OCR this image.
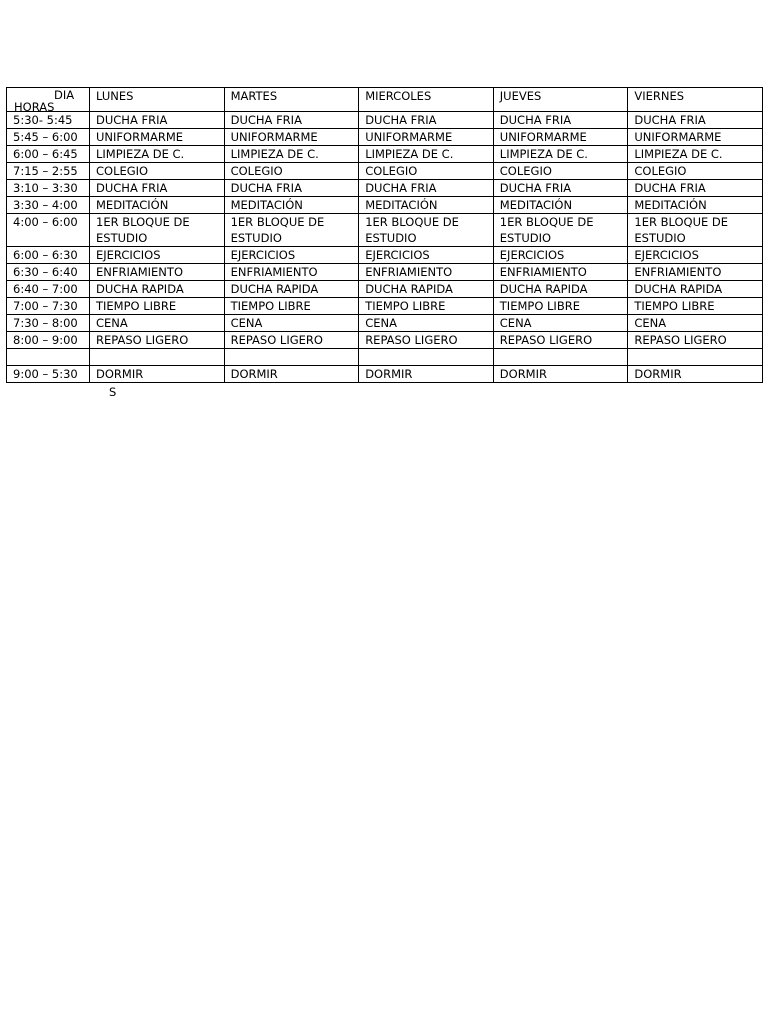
DIA
HORAS	LUNES	MARTES	MIERCOLES	JUEVES	VIERNES
5:30- 5:45	DUCHA FRIA	DUCHA FRIA	DUCHA FRIA	DUCHA FRIA	DUCHA FRIA
5:45 – 6:00	UNIFORMARME	UNIFORMARME	UNIFORMARME	UNIFORMARME	UNIFORMARME
6:00 – 6:45	LIMPIEZA DE C.	LIMPIEZA DE C.	LIMPIEZA DE C.	LIMPIEZA DE C.	LIMPIEZA DE C.
7:15 – 2:55	COLEGIO	COLEGIO	COLEGIO	COLEGIO	COLEGIO
3:10 – 3:30	DUCHA FRIA	DUCHA FRIA	DUCHA FRIA	DUCHA FRIA	DUCHA FRIA
3:30 – 4:00	MEDITACIÓN	MEDITACIÓN	MEDITACIÓN	MEDITACIÓN	MEDITACIÓN
4:00 – 6:00	1ER BLOQUE DE ESTUDIO	1ER BLOQUE DE ESTUDIO	1ER BLOQUE DE ESTUDIO	1ER BLOQUE DE ESTUDIO	1ER BLOQUE DE ESTUDIO
6:00 – 6:30	EJERCICIOS	EJERCICIOS	EJERCICIOS	EJERCICIOS	EJERCICIOS
6:30 – 6:40	ENFRIAMIENTO	ENFRIAMIENTO	ENFRIAMIENTO	ENFRIAMIENTO	ENFRIAMIENTO
6:40 – 7:00	DUCHA RAPIDA	DUCHA RAPIDA	DUCHA RAPIDA	DUCHA RAPIDA	DUCHA RAPIDA
7:00 – 7:30	TIEMPO LIBRE	TIEMPO LIBRE	TIEMPO LIBRE	TIEMPO LIBRE	TIEMPO LIBRE
7:30 – 8:00	CENA	CENA	CENA	CENA	CENA
8:00 – 9:00	REPASO LIGERO	REPASO LIGERO	REPASO LIGERO	REPASO LIGERO	REPASO LIGERO

9:00 – 5:30	DORMIR	DORMIR	DORMIR	DORMIR	DORMIR
S
